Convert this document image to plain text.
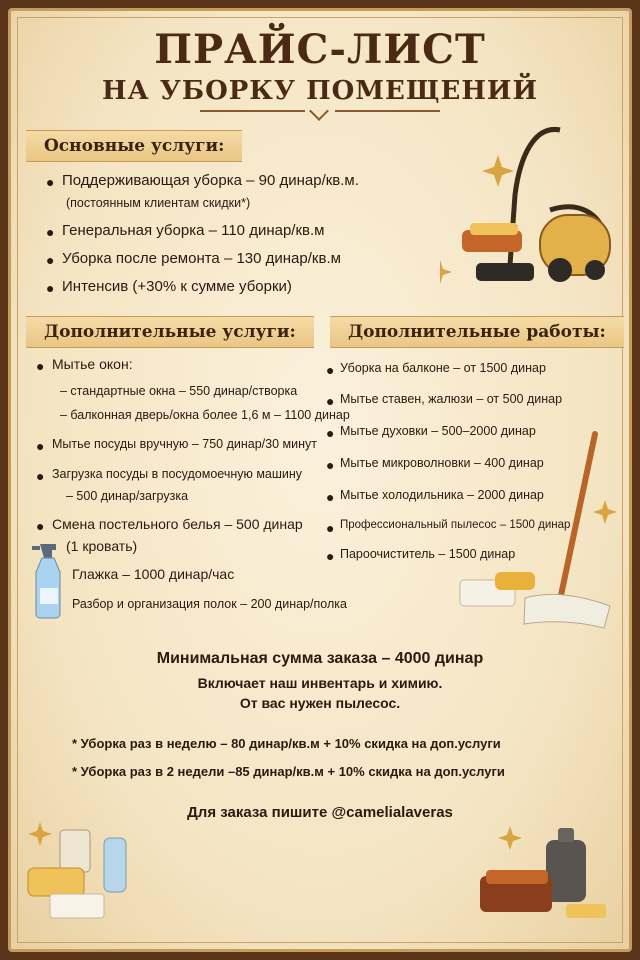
ПРАЙС-ЛИСТ
НА УБОРКУ ПОМЕЩЕНИЙ
Основные услуги:
● Поддерживающая уборка – 90 динар/кв.м.
(постоянным клиентам скидки*)
● Генеральная уборка – 110 динар/кв.м
● Уборка после ремонта – 130 динар/кв.м
● Интенсив (+30% к сумме уборки)
Дополнительные услуги:
● Мытье окон:
– стандартные окна – 550 динар/створка
– балконная дверь/окна более 1,6 м – 1100 динар
● Мытье посуды вручную – 750 динар/30 минут
● Загрузка посуды в посудомоечную машину
– 500 динар/загрузка
● Смена постельного белья – 500 динар
(1 кровать)
Глажка – 1000 динар/час
Разбор и организация полок – 200 динар/полка
Дополнительные работы:
● Уборка на балконе – от 1500 динар
● Мытье ставен, жалюзи – от 500 динар
● Мытье духовки – 500–2000 динар
● Мытье микроволновки – 400 динар
● Мытье холодильника – 2000 динар
● Профессиональный пылесос – 1500 динар
● Пароочиститель – 1500 динар
Минимальная сумма заказа – 4000 динар
Включает наш инвентарь и химию.
От вас нужен пылесос.
* Уборка раз в неделю – 80 динар/кв.м + 10% скидка на доп.услуги
* Уборка раз в 2 недели –85 динар/кв.м + 10% скидка на доп.услуги
Для заказа пишите @camelialaveras
